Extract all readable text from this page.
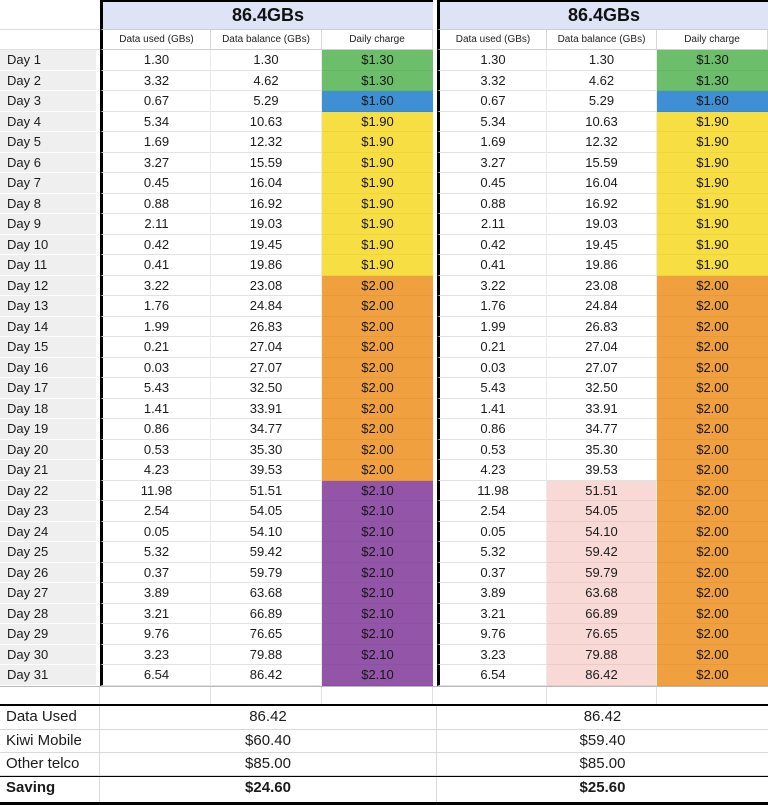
86.4GBs	86.4GBs
Data used (GBs)	Data balance (GBs)	Daily charge	Data used (GBs)	Data balance (GBs)	Daily charge
Day 1	1.30	1.30	$1.30	1.30	1.30	$1.30
Day 2	3.32	4.62	$1.30	3.32	4.62	$1.30
Day 3	0.67	5.29	$1.60	0.67	5.29	$1.60
Day 4	5.34	10.63	$1.90	5.34	10.63	$1.90
Day 5	1.69	12.32	$1.90	1.69	12.32	$1.90
Day 6	3.27	15.59	$1.90	3.27	15.59	$1.90
Day 7	0.45	16.04	$1.90	0.45	16.04	$1.90
Day 8	0.88	16.92	$1.90	0.88	16.92	$1.90
Day 9	2.11	19.03	$1.90	2.11	19.03	$1.90
Day 10	0.42	19.45	$1.90	0.42	19.45	$1.90
Day 11	0.41	19.86	$1.90	0.41	19.86	$1.90
Day 12	3.22	23.08	$2.00	3.22	23.08	$2.00
Day 13	1.76	24.84	$2.00	1.76	24.84	$2.00
Day 14	1.99	26.83	$2.00	1.99	26.83	$2.00
Day 15	0.21	27.04	$2.00	0.21	27.04	$2.00
Day 16	0.03	27.07	$2.00	0.03	27.07	$2.00
Day 17	5.43	32.50	$2.00	5.43	32.50	$2.00
Day 18	1.41	33.91	$2.00	1.41	33.91	$2.00
Day 19	0.86	34.77	$2.00	0.86	34.77	$2.00
Day 20	0.53	35.30	$2.00	0.53	35.30	$2.00
Day 21	4.23	39.53	$2.00	4.23	39.53	$2.00
Day 22	11.98	51.51	$2.10	11.98	51.51	$2.00
Day 23	2.54	54.05	$2.10	2.54	54.05	$2.00
Day 24	0.05	54.10	$2.10	0.05	54.10	$2.00
Day 25	5.32	59.42	$2.10	5.32	59.42	$2.00
Day 26	0.37	59.79	$2.10	0.37	59.79	$2.00
Day 27	3.89	63.68	$2.10	3.89	63.68	$2.00
Day 28	3.21	66.89	$2.10	3.21	66.89	$2.00
Day 29	9.76	76.65	$2.10	9.76	76.65	$2.00
Day 30	3.23	79.88	$2.10	3.23	79.88	$2.00
Day 31	6.54	86.42	$2.10	6.54	86.42	$2.00
Data Used	86.42	86.42
Kiwi Mobile	$60.40	$59.40
Other telco	$85.00	$85.00
Saving	$24.60	$25.60
